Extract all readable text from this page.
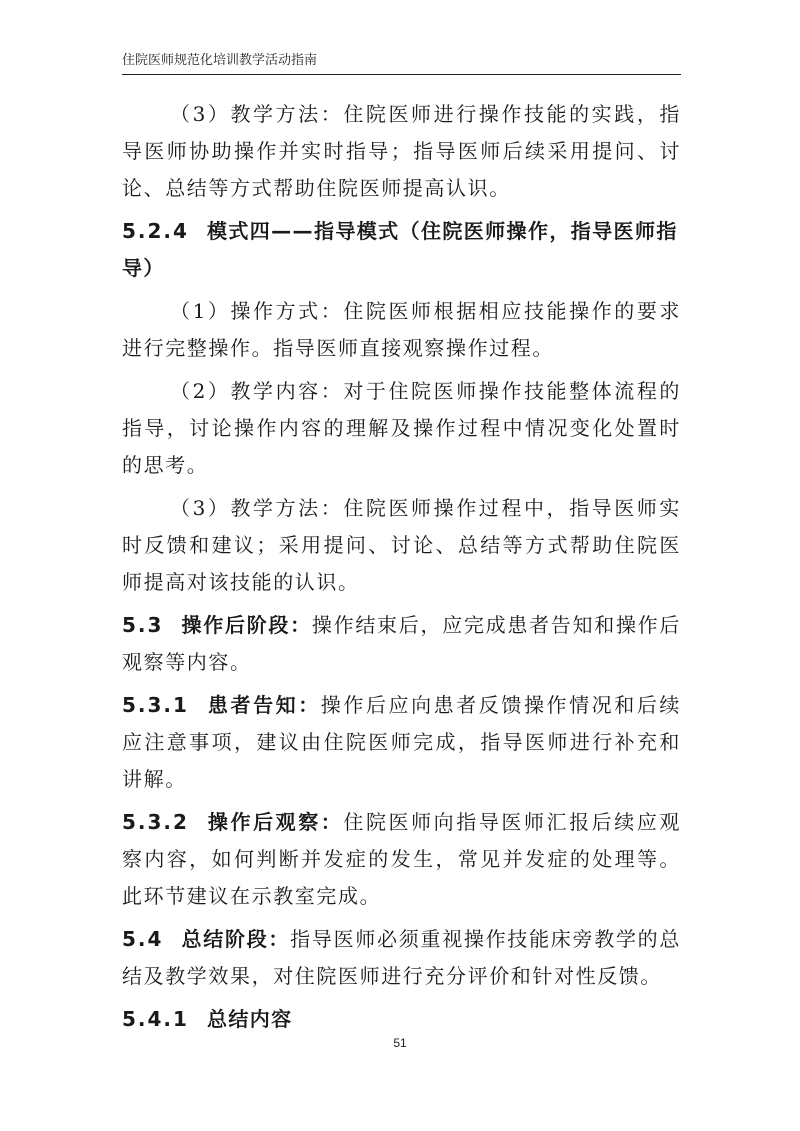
住院医师规范化培训教学活动指南

（3）教学方法：住院医师进行操作技能的实践，指导医师协助操作并实时指导；指导医师后续采用提问、讨论、总结等方式帮助住院医师提高认识。

5.2.4 模式四——指导模式（住院医师操作，指导医师指导）

（1）操作方式：住院医师根据相应技能操作的要求进行完整操作。指导医师直接观察操作过程。

（2）教学内容：对于住院医师操作技能整体流程的指导，讨论操作内容的理解及操作过程中情况变化处置时的思考。

（3）教学方法：住院医师操作过程中，指导医师实时反馈和建议；采用提问、讨论、总结等方式帮助住院医师提高对该技能的认识。

5.3 操作后阶段：操作结束后，应完成患者告知和操作后观察等内容。

5.3.1 患者告知：操作后应向患者反馈操作情况和后续应注意事项，建议由住院医师完成，指导医师进行补充和讲解。

5.3.2 操作后观察：住院医师向指导医师汇报后续应观察内容，如何判断并发症的发生，常见并发症的处理等。此环节建议在示教室完成。

5.4 总结阶段：指导医师必须重视操作技能床旁教学的总结及教学效果，对住院医师进行充分评价和针对性反馈。

5.4.1 总结内容

51
